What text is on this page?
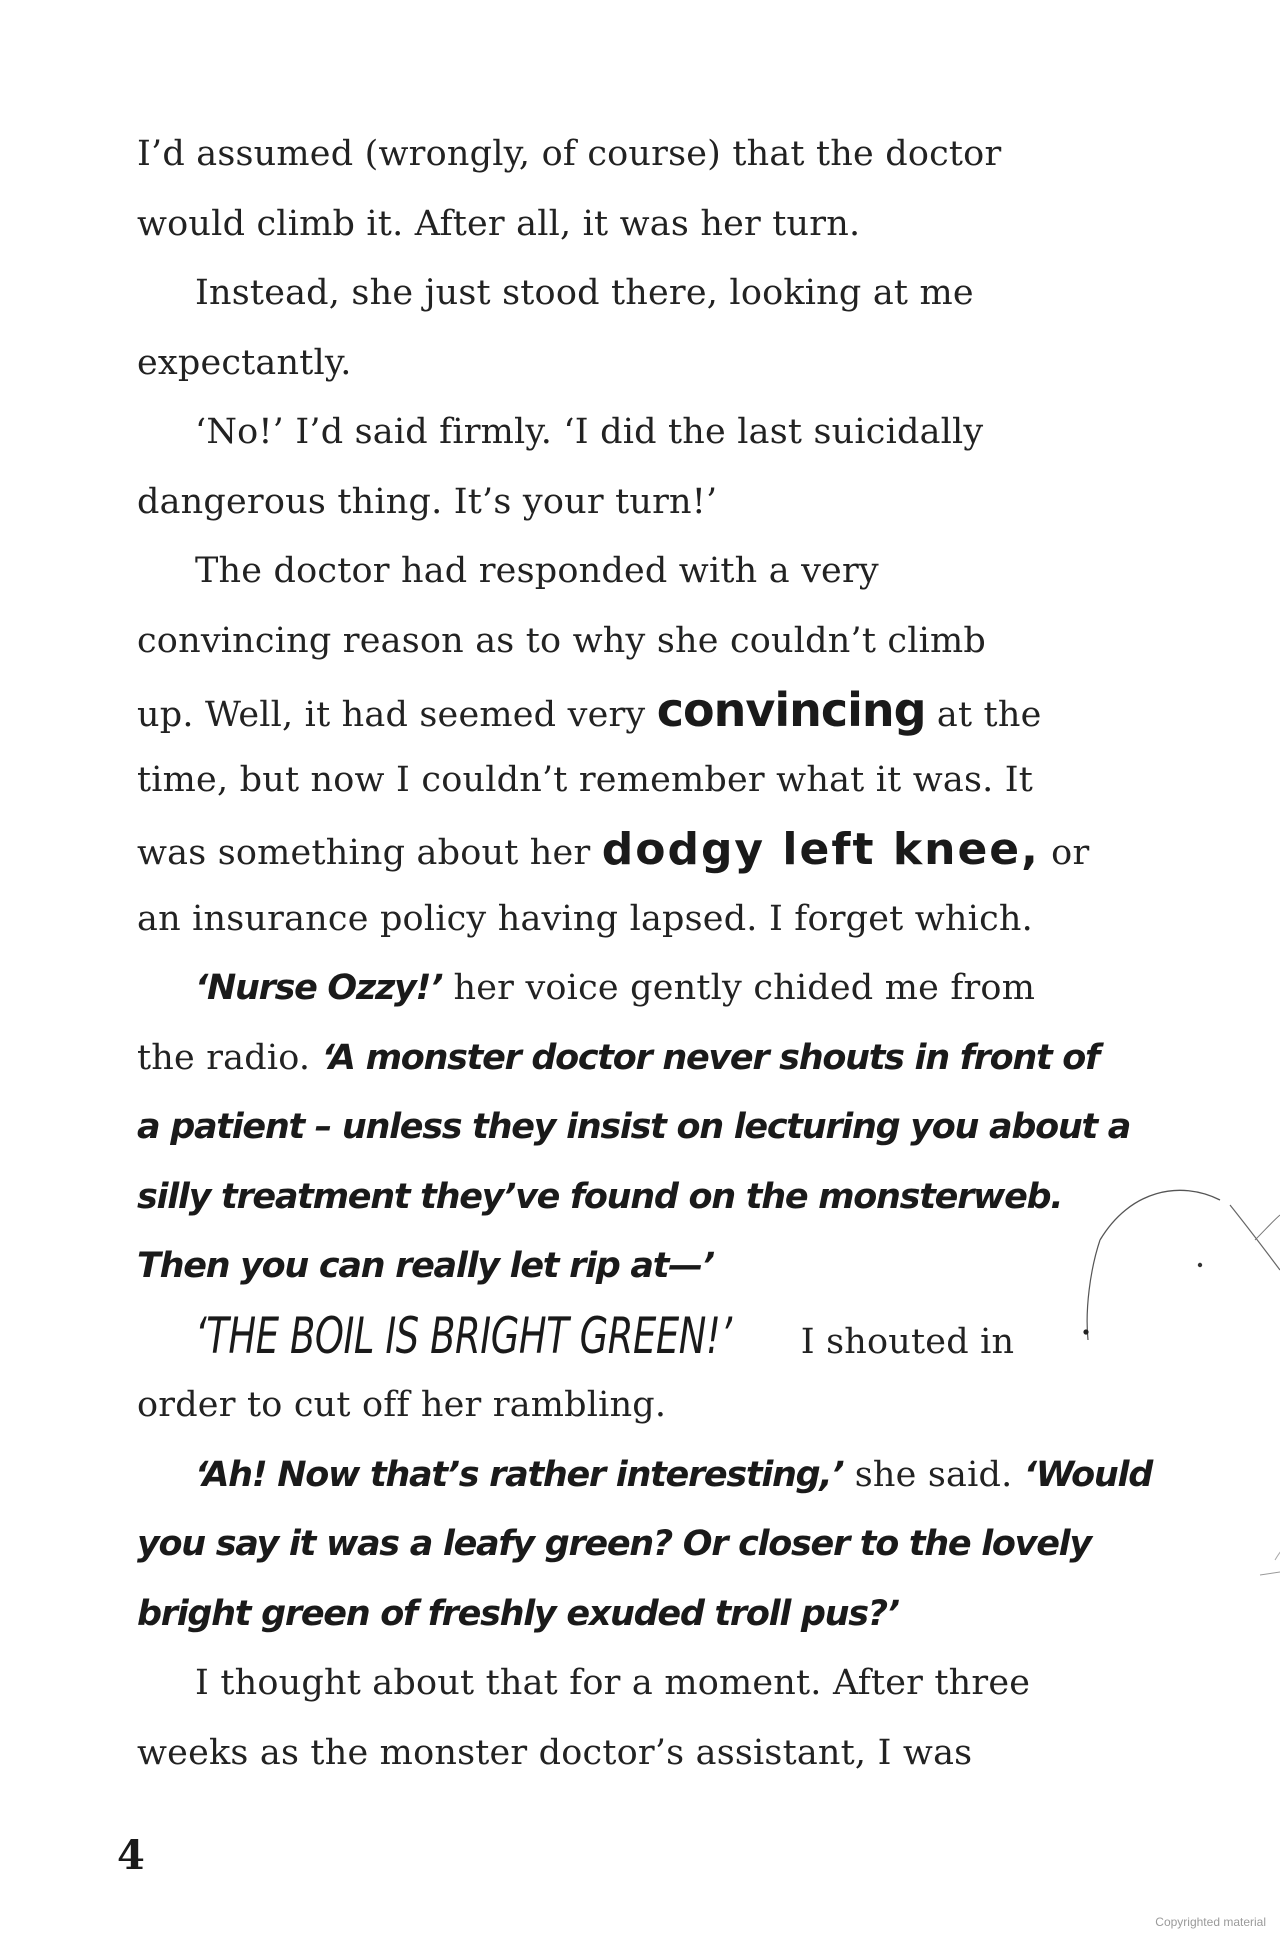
I’d assumed (wrongly, of course) that the doctor
would climb it. After all, it was her turn.
Instead, she just stood there, looking at me
expectantly.
‘No!’ I’d said firmly. ‘I did the last suicidally
dangerous thing. It’s your turn!’
The doctor had responded with a very
convincing reason as to why she couldn’t climb
up. Well, it had seemed very convincing at the
time, but now I couldn’t remember what it was. It
was something about her dodgy left knee, or
an insurance policy having lapsed. I forget which.
‘Nurse Ozzy!’ her voice gently chided me from
the radio. ‘A monster doctor never shouts in front of
a patient – unless they insist on lecturing you about a
silly treatment they’ve found on the monsterweb.
Then you can really let rip at—’
‘THE BOIL IS BRIGHT GREEN!’ I shouted in
order to cut off her rambling.
‘Ah! Now that’s rather interesting,’ she said. ‘Would
you say it was a leafy green? Or closer to the lovely
bright green of freshly exuded troll pus?’
I thought about that for a moment. After three
weeks as the monster doctor’s assistant, I was
4
Copyrighted material
